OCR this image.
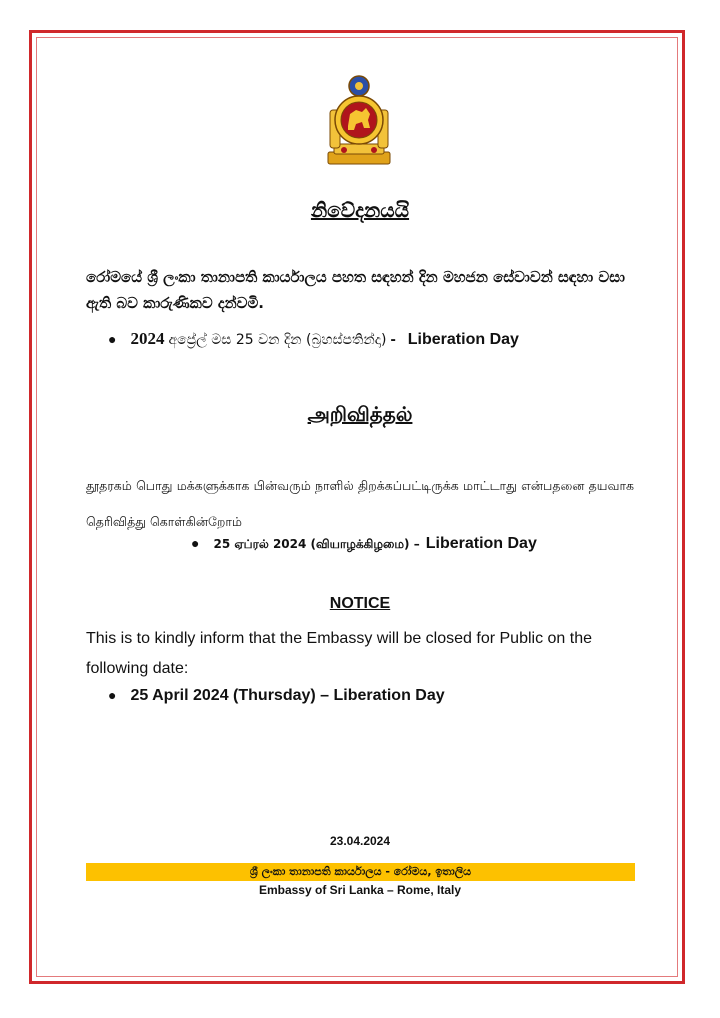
නිවේදනයයි
රෝමයේ ශ්‍රී ලංකා තානාපති කාර්යාලය පහත සඳහන් දින මහජන සේවාවන් සඳහා වසා ඇති බව කාරුණිකව දන්වමි.
● 2024 අප්‍රේල් මස 25 වන දින (බ්‍රහස්පතින්දා) - Liberation Day
அறிவித்தல்
தூதரகம் பொது மக்களுக்காக பின்வரும் நாளில் திறக்கப்பட்டிருக்க மாட்டாது என்பதனை தயவாக தெரிவித்து கொள்கின்றோம்
● 25 ஏப்ரல் 2024 (வியாழக்கிழமை) – Liberation Day
NOTICE
This is to kindly inform that the Embassy will be closed for Public on the following date:
● 25 April 2024 (Thursday) – Liberation Day
23.04.2024
ශ්‍රී ලංකා තානාපති කාර්යාලය - රෝමය, ඉතාලිය
Embassy of Sri Lanka – Rome, Italy
